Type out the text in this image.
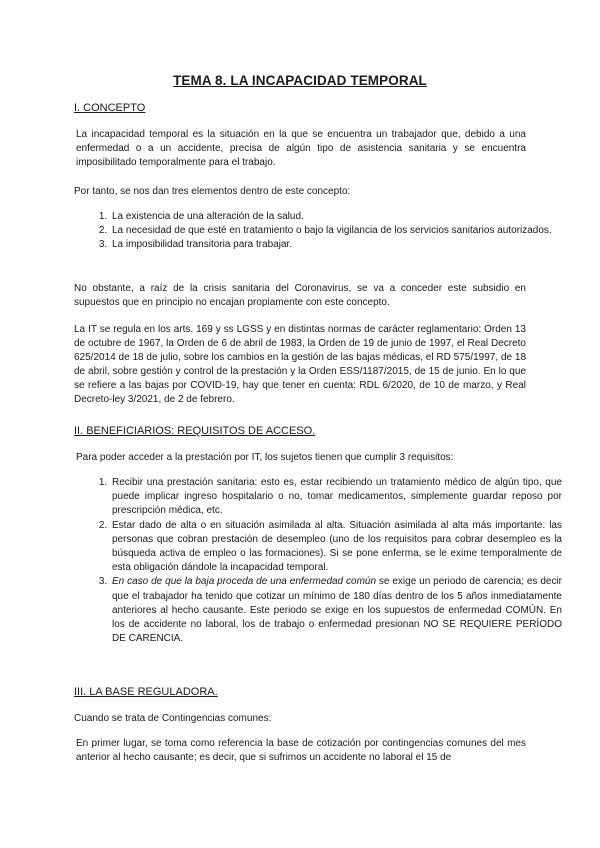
TEMA 8. LA INCAPACIDAD TEMPORAL
I. CONCEPTO
La incapacidad temporal es la situación en la que se encuentra un trabajador que, debido a una enfermedad o a un accidente, precisa de algún tipo de asistencia sanitaria y se encuentra imposibilitado temporalmente para el trabajo.
Por tanto, se nos dan tres elementos dentro de este concepto:
1. La existencia de una alteración de la salud.
2. La necesidad de que esté en tratamiento o bajo la vigilancia de los servicios sanitarios autorizados.
3. La imposibilidad transitoria para trabajar.
No obstante, a raíz de la crisis sanitaria del Coronavirus, se va a conceder este subsidio en supuestos que en principio no encajan propiamente con este concepto.
La IT se regula en los arts. 169 y ss LGSS y en distintas normas de carácter reglamentario: Orden 13 de octubre de 1967, la Orden de 6 de abril de 1983, la Orden de 19 de junio de 1997, el Real Decreto 625/2014 de 18 de julio, sobre los cambios en la gestión de las bajas médicas, el RD 575/1997, de 18 de abril, sobre gestión y control de la prestación y la Orden ESS/1187/2015, de 15 de junio. En lo que se refiere a las bajas por COVID-19, hay que tener en cuenta: RDL 6/2020, de 10 de marzo, y Real Decreto-ley 3/2021, de 2 de febrero.
II. BENEFICIARIOS: REQUISITOS DE ACCESO.
Para poder acceder a la prestación por IT, los sujetos tienen que cumplir 3 requisitos:
1. Recibir una prestación sanitaria: esto es, estar recibiendo un tratamiento médico de algún tipo, que puede implicar ingreso hospitalario o no, tomar medicamentos, simplemente guardar reposo por prescripción médica, etc.
2. Estar dado de alta o en situación asimilada al alta. Situación asimilada al alta más importante: las personas que cobran prestación de desempleo (uno de los requisitos para cobrar desempleo es la búsqueda activa de empleo o las formaciones). Si se pone enferma, se le exime temporalmente de esta obligación dándole la incapacidad temporal.
3. En caso de que la baja proceda de una enfermedad común se exige un periodo de carencia; es decir que el trabajador ha tenido que cotizar un mínimo de 180 días dentro de los 5 años inmediatamente anteriores al hecho causante. Este periodo se exige en los supuestos de enfermedad COMÚN. En los de accidente no laboral, los de trabajo o enfermedad presionan NO SE REQUIERE PERÍODO DE CARENCIA.
III. LA BASE REGULADORA.
Cuando se trata de Contingencias comunes:
En primer lugar, se toma como referencia la base de cotización por contingencias comunes del mes anterior al hecho causante; es decir, que si sufrimos un accidente no laboral el 15 de
